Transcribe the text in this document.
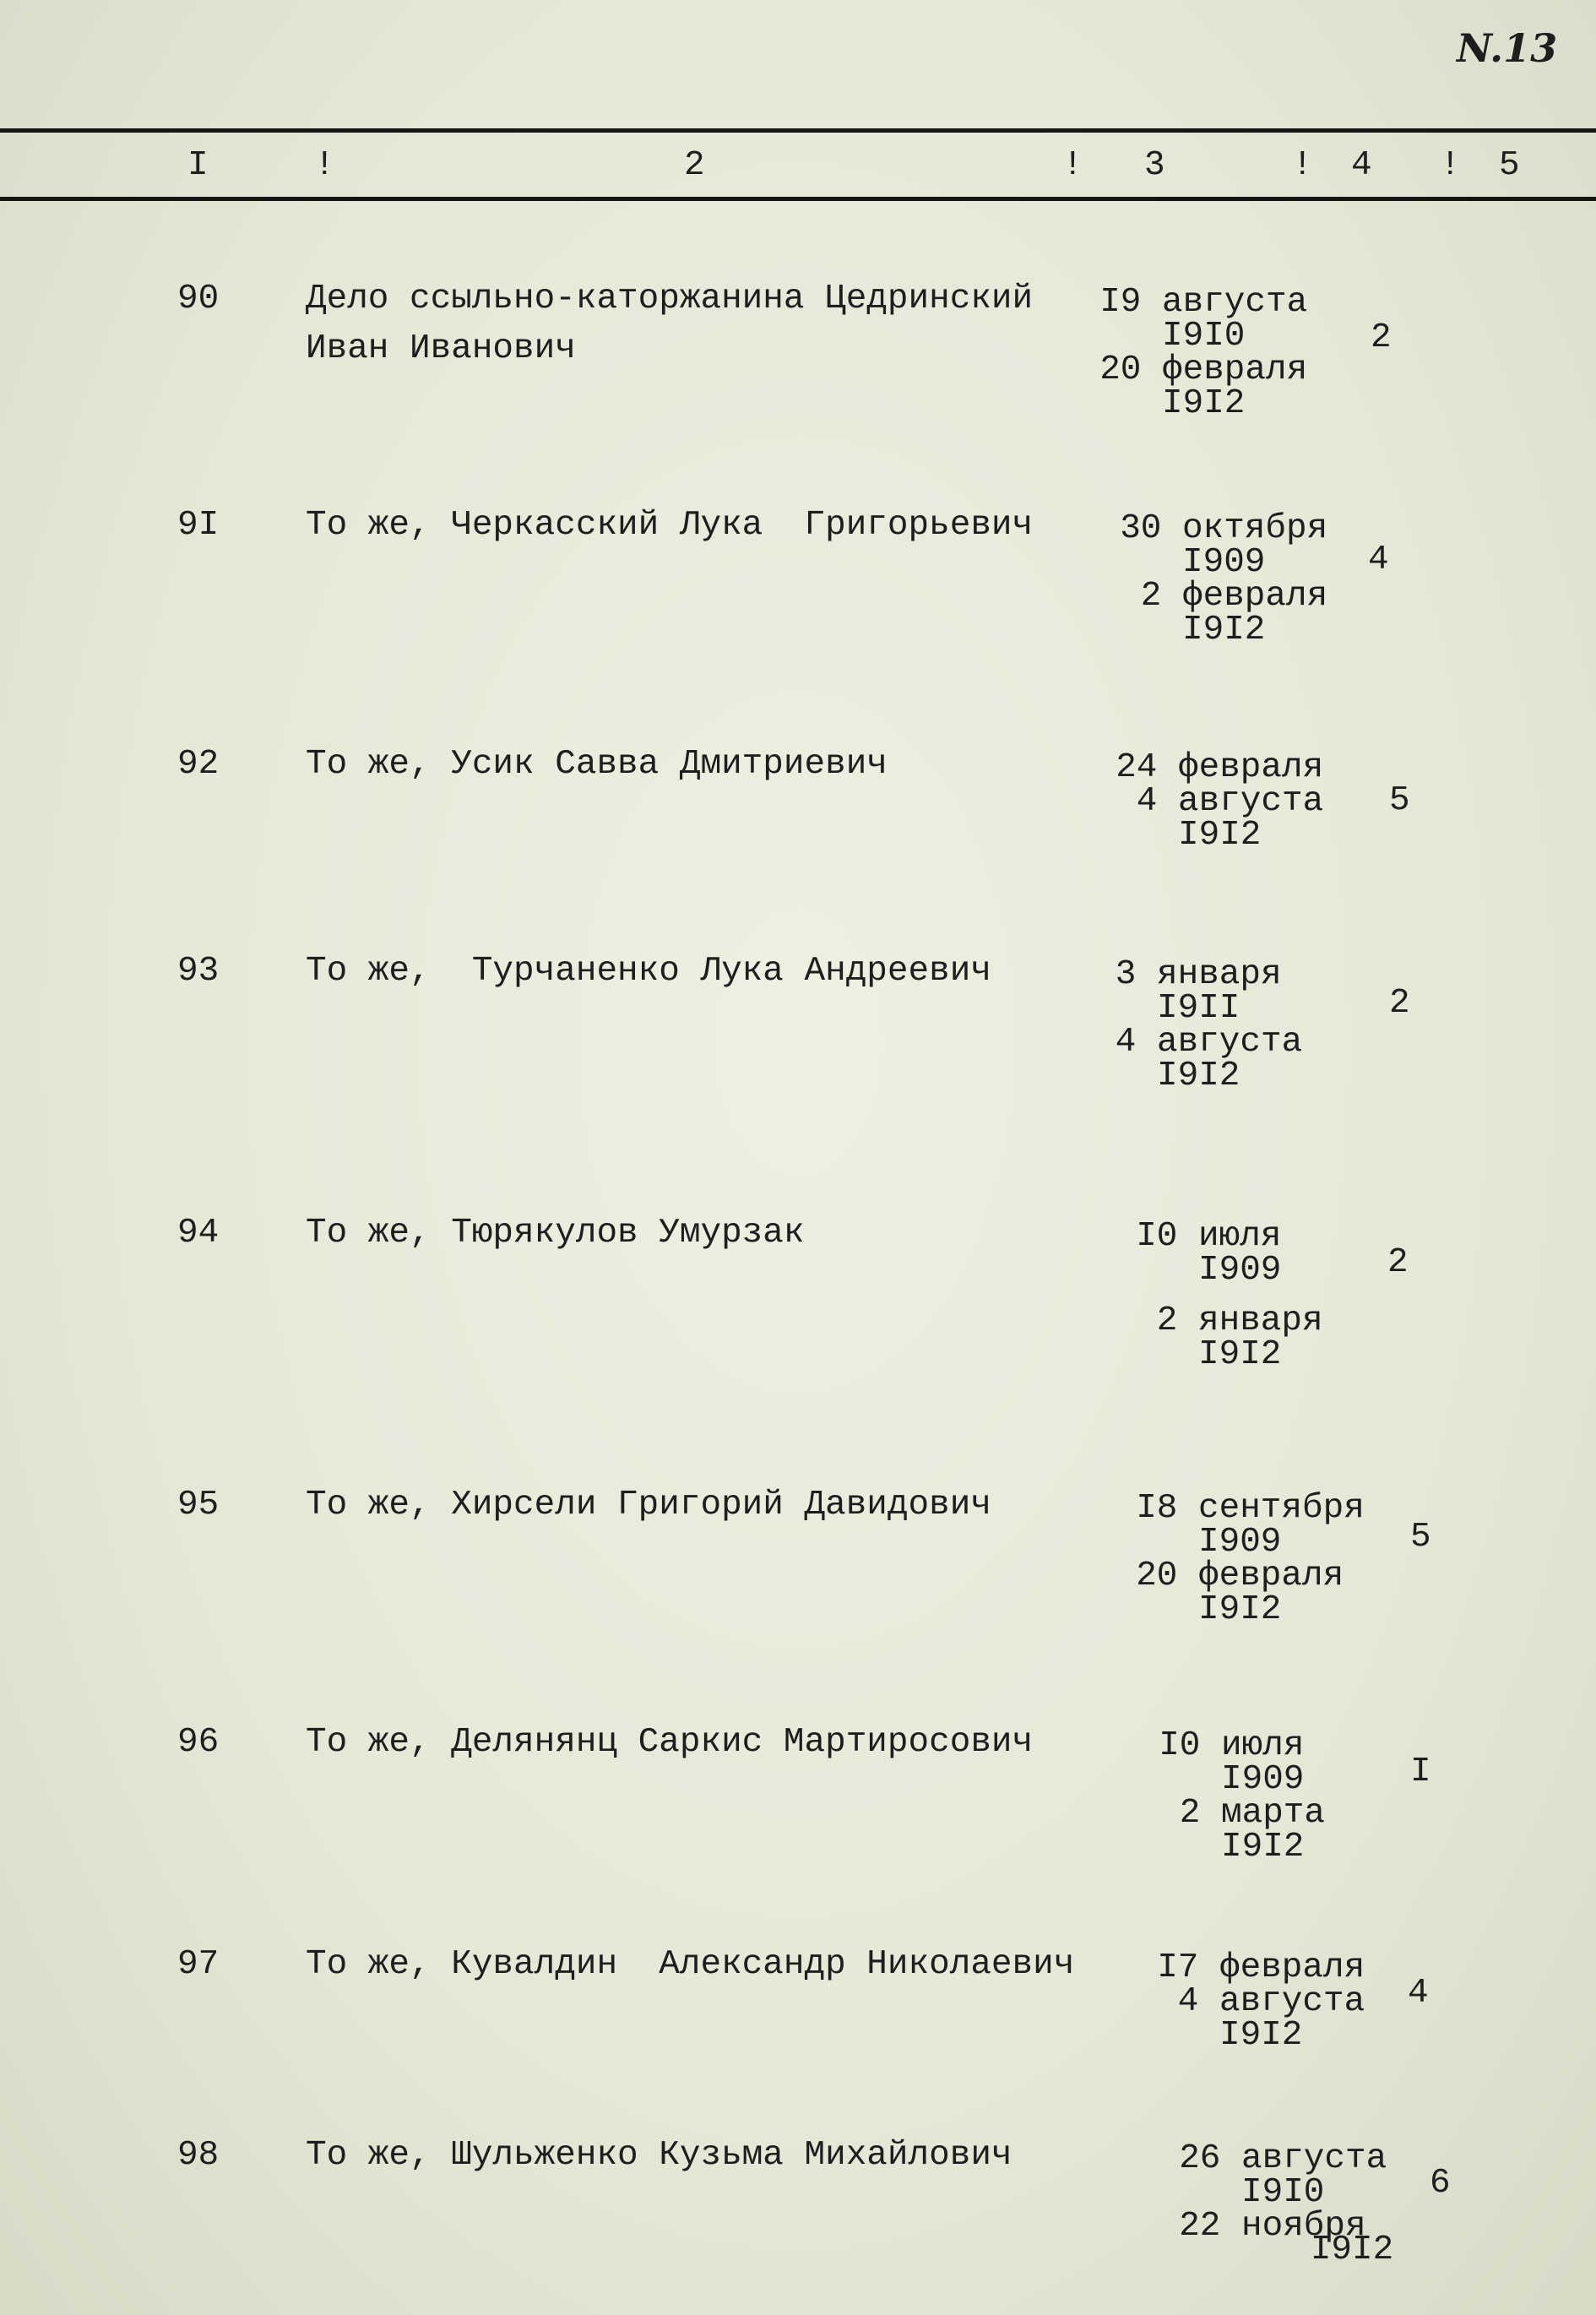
N.13
I	!	2	! 3	! 4 ! 5
90	Дело ссыльно-каторжанина Цедринский
Иван Иванович
I9 августа
I9I0
20 февраля
I9I2
2
9I	То же, Черкасский Лука  Григорьевич	30 октября
I909
2 февраля
I9I2
4
92	То же, Усик Савва Дмитриевич	24 февраля
4 августа
I9I2
5
93	То же,  Турчаненко Лука Андреевич	3 января
I9II
4 августа
I9I2
2
94	То же, Тюрякулов Умурзак	I0 июля
I909
2 января
I9I2
2
95	То же, Хирсели Григорий Давидович	I8 сентября
I909
20 февраля
I9I2
5
96	То же, Делянянц Саркис Мартиросович	I0 июля
I909
2 марта
I9I2
I
97	То же, Кувалдин  Александр Николаевич I7 февраля
4 августа
I9I2
4
98	То же, Шульженко Кузьма Михайлович	26 августа
I9I0
22 ноября
I9I2
6
